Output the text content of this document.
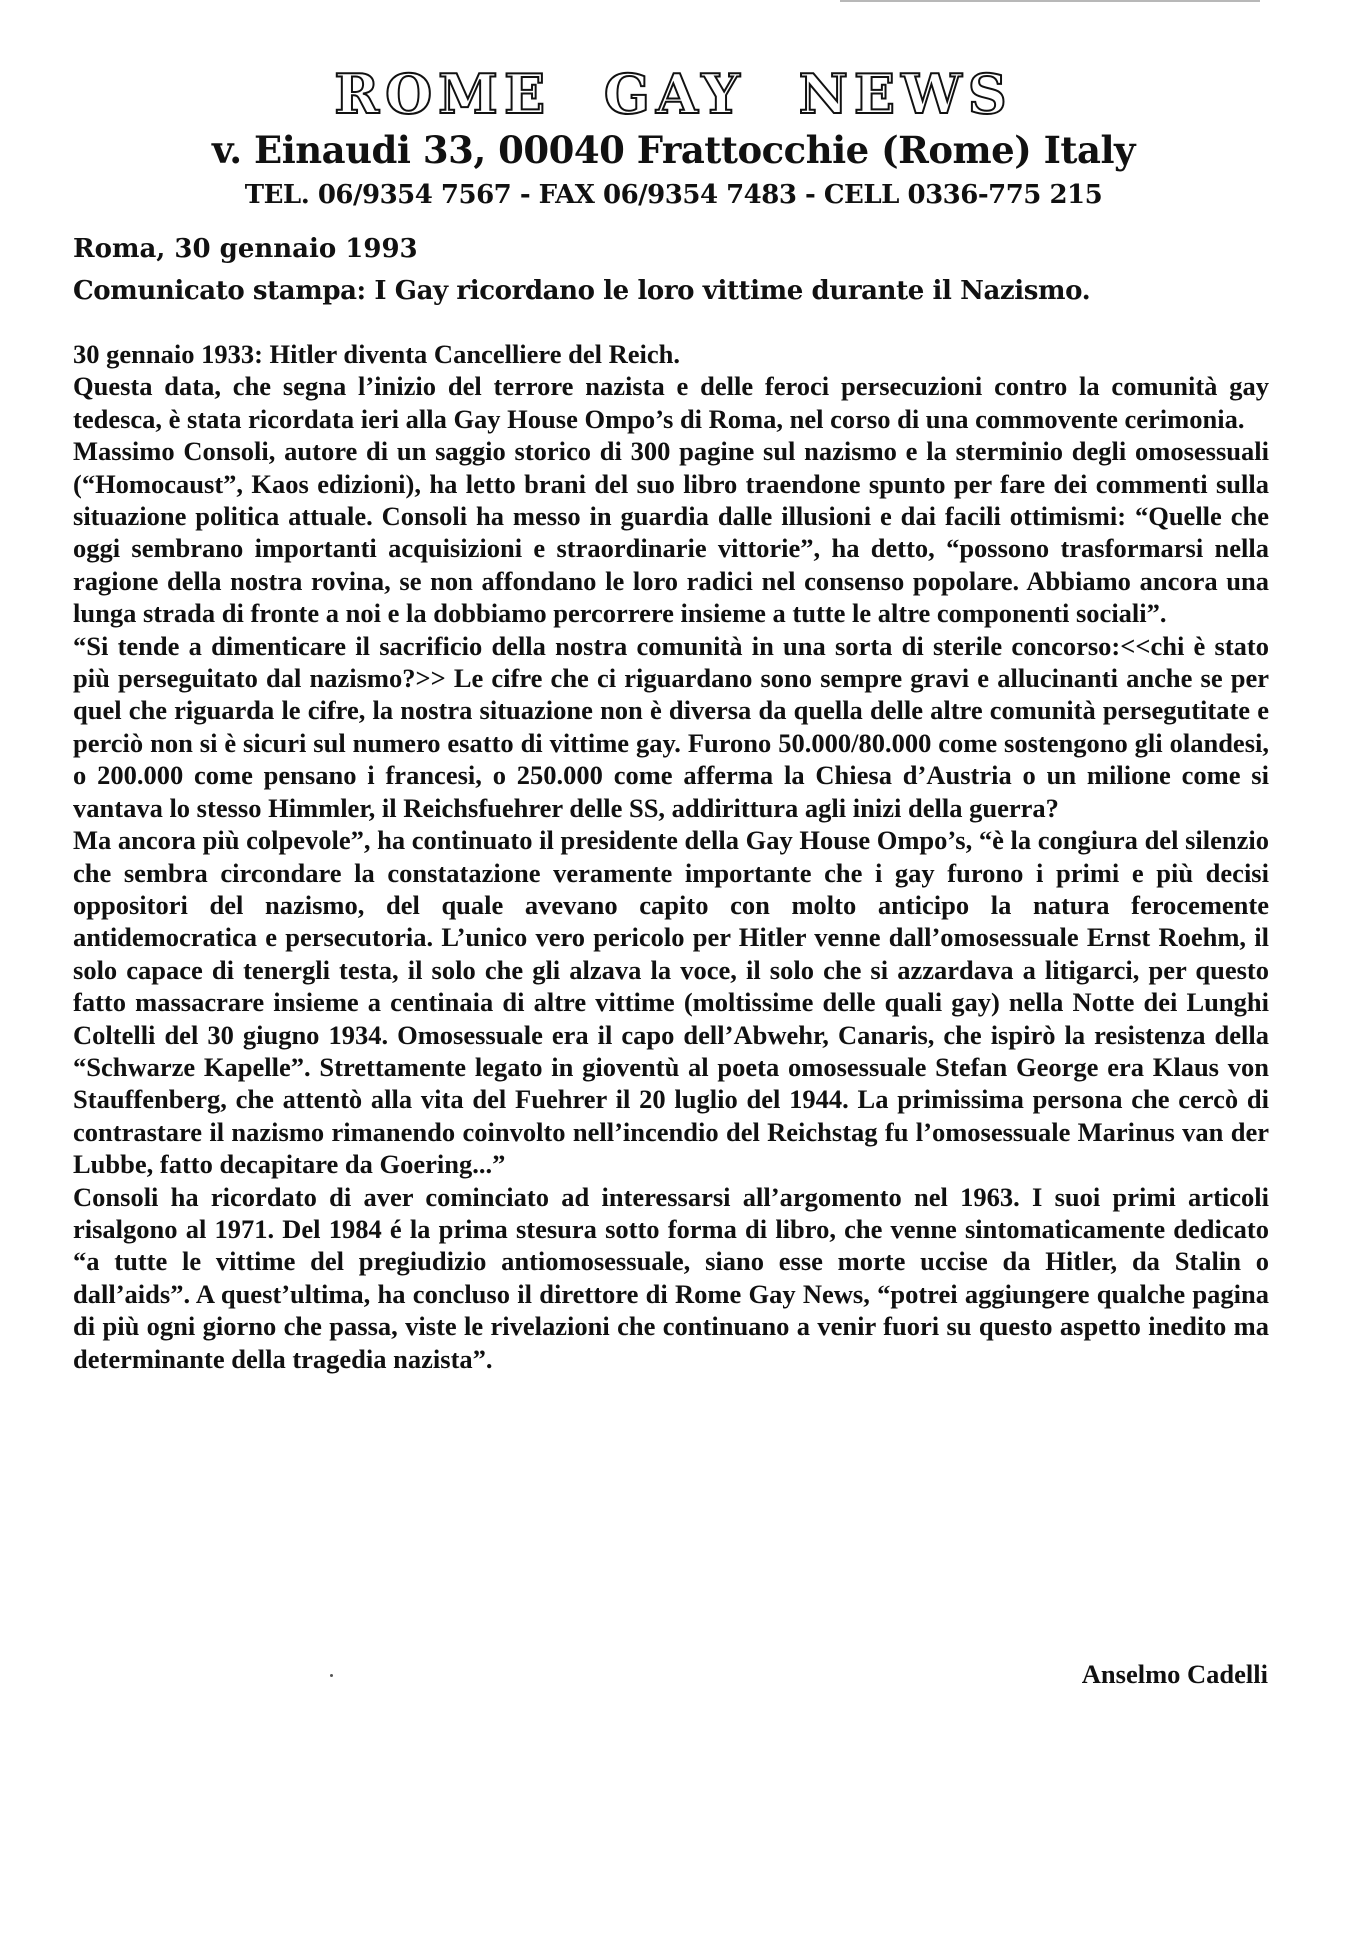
ROME GAY NEWS
v. Einaudi 33, 00040 Frattocchie (Rome) Italy
TEL. 06/9354 7567 - FAX 06/9354 7483 - CELL 0336-775 215
Roma, 30 gennaio 1993
Comunicato stampa: I Gay ricordano le loro vittime durante il Nazismo.

30 gennaio 1933: Hitler diventa Cancelliere del Reich.

Questa data, che segna l’inizio del terrore nazista e delle feroci persecuzioni contro la comunità gay tedesca, è stata ricordata ieri alla Gay House Ompo’s di Roma, nel corso di una commovente cerimonia.

Massimo Consoli, autore di un saggio storico di 300 pagine sul nazismo e la sterminio degli omosessuali (“Homocaust”, Kaos edizioni), ha letto brani del suo libro traendone spunto per fare dei commenti sulla situazione politica attuale. Consoli ha messo in guardia dalle illusioni e dai facili ottimismi: “Quelle che oggi sembrano importanti acquisizioni e straordinarie vittorie”, ha detto, “possono trasformarsi nella ragione della nostra rovina, se non affondano le loro radici nel consenso popolare. Abbiamo ancora una lunga strada di fronte a noi e la dobbiamo percorrere insieme a tutte le altre componenti sociali”.

“Si tende a dimenticare il sacrificio della nostra comunità in una sorta di sterile concorso:<<chi è stato più perseguitato dal nazismo?>> Le cifre che ci riguardano sono sempre gravi e allucinanti anche se per quel che riguarda le cifre, la nostra situazione non è diversa da quella delle altre comunità persegutitate e perciò non si è sicuri sul numero esatto di vittime gay. Furono 50.000/80.000 come sostengono gli olandesi, o 200.000 come pensano i francesi, o 250.000 come afferma la Chiesa d’Austria o un milione come si vantava lo stesso Himmler, il Reichsfuehrer delle SS, addirittura agli inizi della guerra?

Ma ancora più colpevole”, ha continuato il presidente della Gay House Ompo’s, “è la congiura del silenzio che sembra circondare la constatazione veramente importante che i gay furono i primi e più decisi oppositori del nazismo, del quale avevano capito con molto anticipo la natura ferocemente antidemocratica e persecutoria. L’unico vero pericolo per Hitler venne dall’omosessuale Ernst Roehm, il solo capace di tenergli testa, il solo che gli alzava la voce, il solo che si azzardava a litigarci, per questo fatto massacrare insieme a centinaia di altre vittime (moltissime delle quali gay) nella Notte dei Lunghi Coltelli del 30 giugno 1934. Omosessuale era il capo dell’Abwehr, Canaris, che ispirò la resistenza della “Schwarze Kapelle”. Strettamente legato in gioventù al poeta omosessuale Stefan George era Klaus von Stauffenberg, che attentò alla vita del Fuehrer il 20 luglio del 1944. La primissima persona che cercò di contrastare il nazismo rimanendo coinvolto nell’incendio del Reichstag fu l’omosessuale Marinus van der Lubbe, fatto decapitare da Goering...”

Consoli ha ricordato di aver cominciato ad interessarsi all’argomento nel 1963. I suoi primi articoli risalgono al 1971. Del 1984 é la prima stesura sotto forma di libro, che venne sintomaticamente dedicato “a tutte le vittime del pregiudizio antiomosessuale, siano esse morte uccise da Hitler, da Stalin o dall’aids”. A quest’ultima, ha concluso il direttore di Rome Gay News, “potrei aggiungere qualche pagina di più ogni giorno che passa, viste le rivelazioni che continuano a venir fuori su questo aspetto inedito ma determinante della tragedia nazista”.

Anselmo Cadelli
